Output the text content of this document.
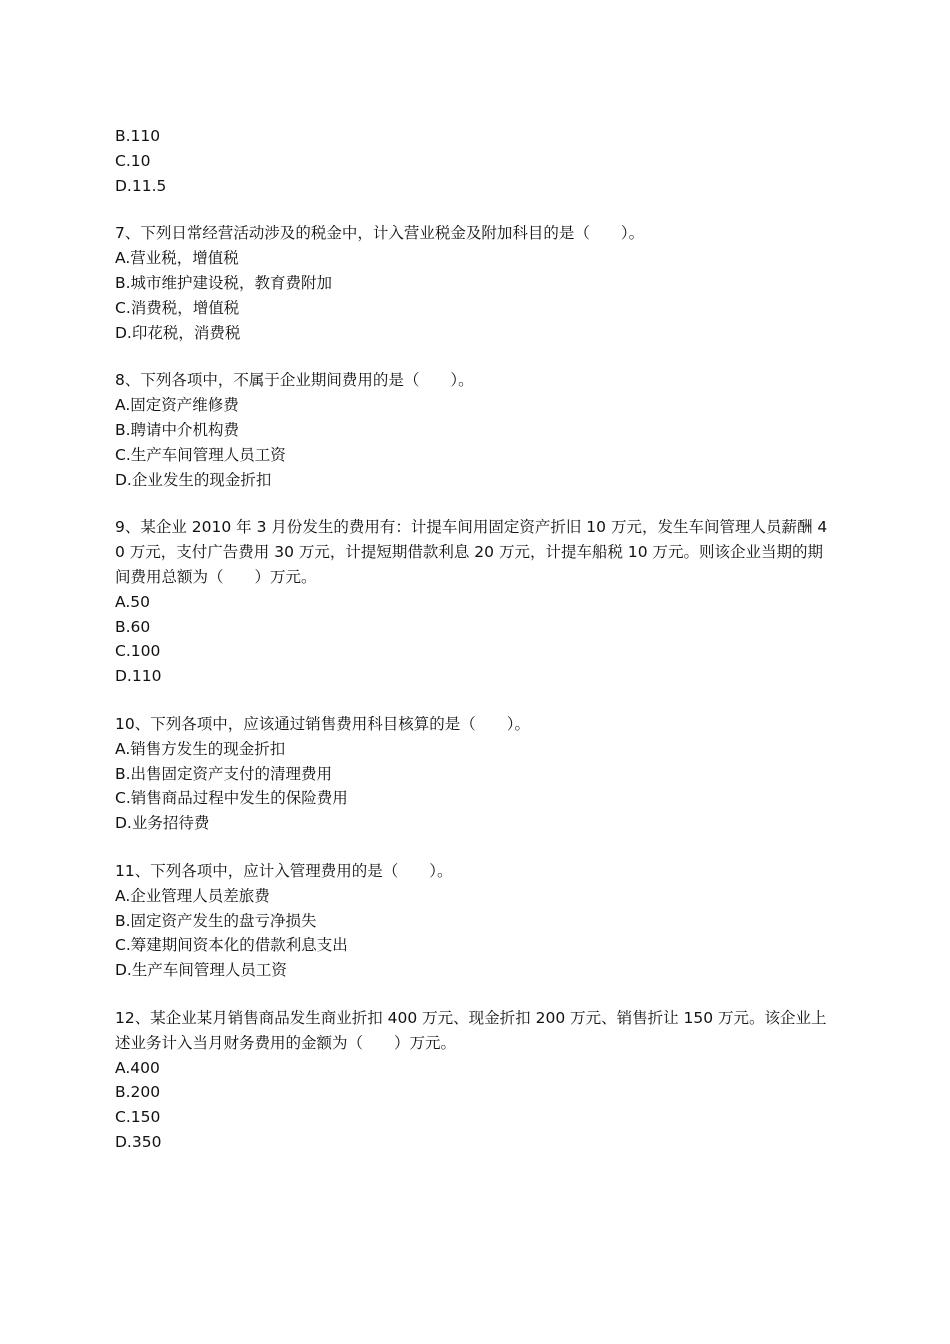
B.110
C.10
D.11.5
7、下列日常经营活动涉及的税金中，计入营业税金及附加科目的是（　　）。
A.营业税，增值税
B.城市维护建设税，教育费附加
C.消费税，增值税
D.印花税，消费税
8、下列各项中，不属于企业期间费用的是（　　）。
A.固定资产维修费
B.聘请中介机构费
C.生产车间管理人员工资
D.企业发生的现金折扣
9、某企业 2010 年 3 月份发生的费用有：计提车间用固定资产折旧 10 万元，发生车间管理人员薪酬 40 万元，支付广告费用 30 万元，计提短期借款利息 20 万元，计提车船税 10 万元。则该企业当期的期间费用总额为（　　）万元。
A.50
B.60
C.100
D.110
10、下列各项中，应该通过销售费用科目核算的是（　　）。
A.销售方发生的现金折扣
B.出售固定资产支付的清理费用
C.销售商品过程中发生的保险费用
D.业务招待费
11、下列各项中，应计入管理费用的是（　　）。
A.企业管理人员差旅费
B.固定资产发生的盘亏净损失
C.筹建期间资本化的借款利息支出
D.生产车间管理人员工资
12、某企业某月销售商品发生商业折扣 400 万元、现金折扣 200 万元、销售折让 150 万元。该企业上述业务计入当月财务费用的金额为（　　）万元。
A.400
B.200
C.150
D.350
